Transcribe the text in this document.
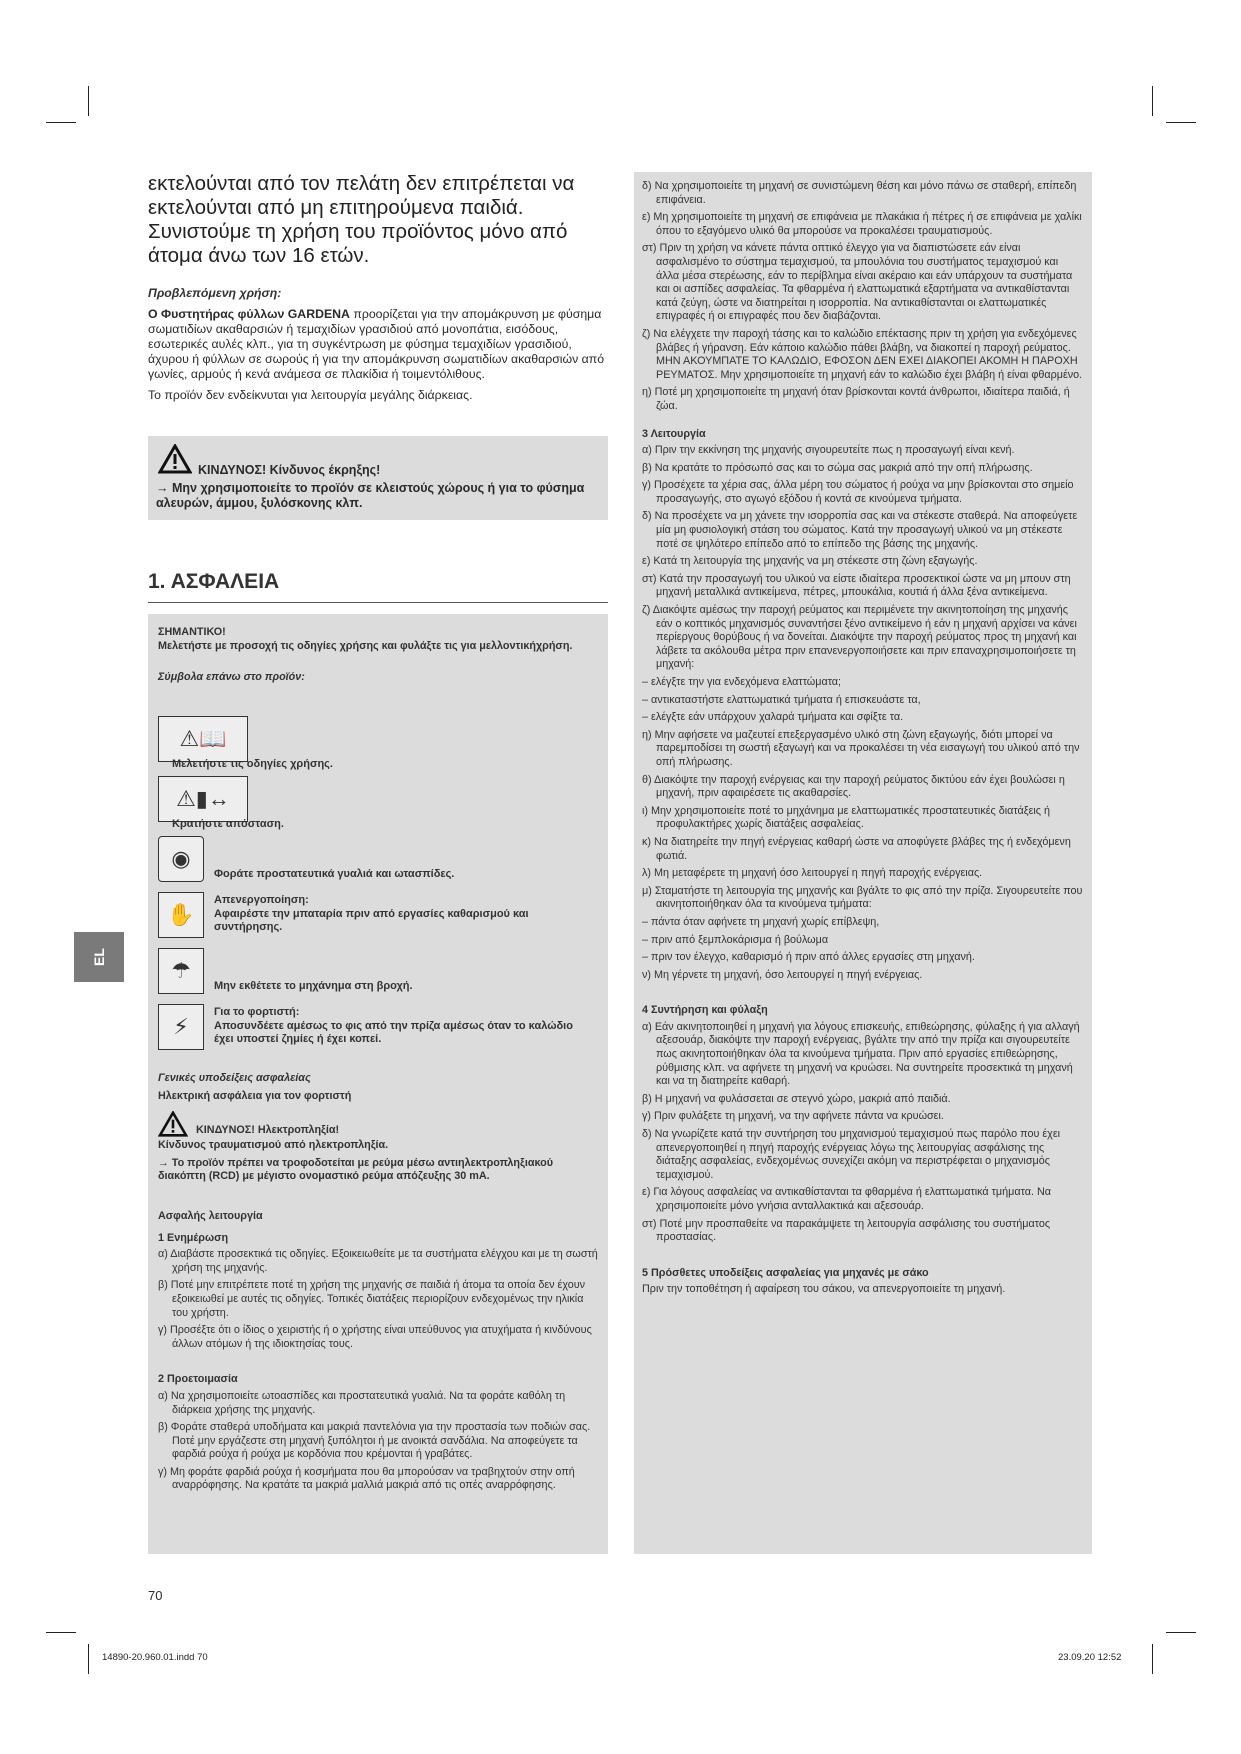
εκτελούνται από τον πελάτη δεν επιτρέπεται να εκτελούνται από μη επιτηρούμενα παιδιά. Συνιστούμε τη χρήση του προϊόντος μόνο από άτομα άνω των 16 ετών.

Προβλεπόμενη χρήση:

Ο Φυστητήρας φύλλων GARDENA προορίζεται για την απομάκρυνση με φύσημα σωματιδίων ακαθαρσιών ή τεμαχιδίων γρασιδιού από μονοπάτια, εισόδους, εσωτερικές αυλές κλπ., για τη συγκέντρωση με φύσημα τεμαχιδίων γρασιδιού, άχυρου ή φύλλων σε σωρούς ή για την απομάκρυνση σωματιδίων ακαθαρσιών από γωνίες, αρμούς ή κενά ανάμεσα σε πλακίδια ή τοιμεντόλιθους.

Το προϊόν δεν ενδείκνυται για λειτουργία μεγάλης διάρκειας.

ΚΙΝΔΥΝΟΣ! Κίνδυνος έκρηξης!
→ Μην χρησιμοποιείτε το προϊόν σε κλειστούς χώρους ή για το φύσημα αλευρών, άμμου, ξυλόσκονης κλπ.
1. ΑΣΦΑΛΕΙΑ
ΣΗΜΑΝΤΙΚΟ!
Μελετήστε με προσοχή τις οδηγίες χρήσης και φυλάξτε τις για μελλοντικήχρήση.
Σύμβολα επάνω στο προϊόν:
⚠📖
Μελετήστε τις οδηγίες χρήσης.
⚠▮↔
Κρατήστε απόσταση.
◉
Φοράτε προστατευτικά γυαλιά και ωτασπίδες.
✋
Απενεργοποίηση:
Αφαιρέστε την μπαταρία πριν από εργασίες καθαρισμού και συντήρησης.
☂
Μην εκθέτετε το μηχάνημα στη βροχή.
⚡
Για το φορτιστή:
Αποσυνδέετε αμέσως το φις από την πρίζα αμέσως όταν το καλώδιο έχει υποστεί ζημίες ή έχει κοπεί.
Γενικές υποδείξεις ασφαλείας
Ηλεκτρική ασφάλεια για τον φορτιστή
ΚΙΝΔΥΝΟΣ! Ηλεκτροπληξία!
Κίνδυνος τραυματισμού από ηλεκτροπληξία.
→ Το προϊόν πρέπει να τροφοδοτείται με ρεύμα μέσω αντιηλεκτροπληξιακού διακόπτη (RCD) με μέγιστο ονομαστικό ρεύμα απόζευξης 30 mA.
Ασφαλής λειτουργία
1 Ενημέρωση
α) Διαβάστε προσεκτικά τις οδηγίες. Εξοικειωθείτε με τα συστήματα ελέγχου και με τη σωστή χρήση της μηχανής.
β) Ποτέ μην επιτρέπετε ποτέ τη χρήση της μηχανής σε παιδιά ή άτομα τα οποία δεν έχουν εξοικειωθεί με αυτές τις οδηγίες. Τοπικές διατάξεις περιορίζουν ενδεχομένως την ηλικία του χρήστη.
γ) Προσέξτε ότι ο ίδιος ο χειριστής ή ο χρήστης είναι υπεύθυνος για ατυχήματα ή κινδύνους άλλων ατόμων ή της ιδιοκτησίας τους.
2 Προετοιμασία
α) Να χρησιμοποιείτε ωτοασπίδες και προστατευτικά γυαλιά. Να τα φοράτε καθόλη τη διάρκεια χρήσης της μηχανής.
β) Φοράτε σταθερά υποδήματα και μακριά παντελόνια για την προστασία των ποδιών σας. Ποτέ μην εργάζεστε στη μηχανή ξυπόλητοι ή με ανοικτά σανδάλια. Να αποφεύγετε τα φαρδιά ρούχα ή ρούχα με κορδόνια που κρέμονται ή γραβάτες.
γ) Μη φοράτε φαρδιά ρούχα ή κοσμήματα που θα μπορούσαν να τραβηχτούν στην οπή αναρρόφησης. Να κρατάτε τα μακριά μαλλιά μακριά από τις οπές αναρρόφησης.
δ) Να χρησιμοποιείτε τη μηχανή σε συνιστώμενη θέση και μόνο πάνω σε σταθερή, επίπεδη επιφάνεια.
ε) Μη χρησιμοποιείτε τη μηχανή σε επιφάνεια με πλακάκια ή πέτρες ή σε επιφάνεια με χαλίκι όπου το εξαγόμενο υλικό θα μπορούσε να προκαλέσει τραυματισμούς.
στ) Πριν τη χρήση να κάνετε πάντα οπτικό έλεγχο για να διαπιστώσετε εάν είναι ασφαλισμένο το σύστημα τεμαχισμού, τα μπουλόνια του συστήματος τεμαχισμού και άλλα μέσα στερέωσης, εάν το περίβλημα είναι ακέραιο και εάν υπάρχουν τα συστήματα και οι ασπίδες ασφαλείας. Τα φθαρμένα ή ελαττωματικά εξαρτήματα να αντικαθίστανται κατά ζεύγη, ώστε να διατηρείται η ισορροπία. Να αντικαθίστανται οι ελαττωματικές επιγραφές ή οι επιγραφές που δεν διαβάζονται.
ζ) Να ελέγχετε την παροχή τάσης και το καλώδιο επέκτασης πριν τη χρήση για ενδεχόμενες βλάβες ή γήρανση. Εάν κάποιο καλώδιο πάθει βλάβη, να διακοπεί η παροχή ρεύματος. ΜΗΝ ΑΚΟΥΜΠΑΤΕ ΤΟ ΚΑΛΩΔΙΟ, ΕΦΟΣΟΝ ΔΕΝ ΕΧΕΙ ΔΙΑΚΟΠΕΙ ΑΚΟΜΗ Η ΠΑΡΟΧΗ ΡΕΥΜΑΤΟΣ. Μην χρησιμοποιείτε τη μηχανή εάν το καλώδιο έχει βλάβη ή είναι φθαρμένο.
η) Ποτέ μη χρησιμοποιείτε τη μηχανή όταν βρίσκονται κοντά άνθρωποι, ιδιαίτερα παιδιά, ή ζώα.
3 Λειτουργία
α) Πριν την εκκίνηση της μηχανής σιγουρευτείτε πως η προσαγωγή είναι κενή.
β) Να κρατάτε το πρόσωπό σας και το σώμα σας μακριά από την οπή πλήρωσης.
γ) Προσέχετε τα χέρια σας, άλλα μέρη του σώματος ή ρούχα να μην βρίσκονται στο σημείο προσαγωγής, στο αγωγό εξόδου ή κοντά σε κινούμενα τμήματα.
δ) Να προσέχετε να μη χάνετε την ισορροπία σας και να στέκεστε σταθερά. Να αποφεύγετε μία μη φυσιολογική στάση του σώματος. Κατά την προσαγωγή υλικού να μη στέκεστε ποτέ σε ψηλότερο επίπεδο από το επίπεδο της βάσης της μηχανής.
ε) Κατά τη λειτουργία της μηχανής να μη στέκεστε στη ζώνη εξαγωγής.
στ) Κατά την προσαγωγή του υλικού να είστε ιδιαίτερα προσεκτικοί ώστε να μη μπουν στη μηχανή μεταλλικά αντικείμενα, πέτρες, μπουκάλια, κουτιά ή άλλα ξένα αντικείμενα.
ζ) Διακόψτε αμέσως την παροχή ρεύματος και περιμένετε την ακινητοποίηση της μηχανής εάν ο κοπτικός μηχανισμός συναντήσει ξένο αντικείμενο ή εάν η μηχανή αρχίσει να κάνει περίεργους θορύβους ή να δονείται. Διακόψτε την παροχή ρεύματος προς τη μηχανή και λάβετε τα ακόλουθα μέτρα πριν επανενεργοποιήσετε και πριν επαναχρησιμοποιήσετε τη μηχανή:
– ελέγξτε την για ενδεχόμενα ελαττώματα;
– αντικαταστήστε ελαττωματικά τμήματα ή επισκευάστε τα,
– ελέγξτε εάν υπάρχουν χαλαρά τμήματα και σφίξτε τα.
η) Μην αφήσετε να μαζευτεί επεξεργασμένο υλικό στη ζώνη εξαγωγής, διότι μπορεί να παρεμποδίσει τη σωστή εξαγωγή και να προκαλέσει τη νέα εισαγωγή του υλικού από την οπή πλήρωσης.
θ) Διακόψτε την παροχή ενέργειας και την παροχή ρεύματος δικτύου εάν έχει βουλώσει η μηχανή, πριν αφαιρέσετε τις ακαθαρσίες.
ι) Μην χρησιμοποιείτε ποτέ το μηχάνημα με ελαττωματικές προστατευτικές διατάξεις ή προφυλακτήρες χωρίς διατάξεις ασφαλείας.
κ) Να διατηρείτε την πηγή ενέργειας καθαρή ώστε να αποφύγετε βλάβες της ή ενδεχόμενη φωτιά.
λ) Μη μεταφέρετε τη μηχανή όσο λειτουργεί η πηγή παροχής ενέργειας.
μ) Σταματήστε τη λειτουργία της μηχανής και βγάλτε το φις από την πρίζα. Σιγουρευτείτε που ακινητοποιήθηκαν όλα τα κινούμενα τμήματα:
– πάντα όταν αφήνετε τη μηχανή χωρίς επίβλεψη,
– πριν από ξεμπλοκάρισμα ή βούλωμα
– πριν τον έλεγχο, καθαρισμό ή πριν από άλλες εργασίες στη μηχανή.
ν) Μη γέρνετε τη μηχανή, όσο λειτουργεί η πηγή ενέργειας.
4 Συντήρηση και φύλαξη
α) Εάν ακινητοποιηθεί η μηχανή για λόγους επισκευής, επιθεώρησης, φύλαξης ή για αλλαγή αξεσουάρ, διακόψτε την παροχή ενέργειας, βγάλτε την από την πρίζα και σιγουρευτείτε πως ακινητοποιήθηκαν όλα τα κινούμενα τμήματα. Πριν από εργασίες επιθεώρησης, ρύθμισης κλπ. να αφήνετε τη μηχανή να κρυώσει. Να συντηρείτε προσεκτικά τη μηχανή και να τη διατηρείτε καθαρή.
β) Η μηχανή να φυλάσσεται σε στεγνό χώρο, μακριά από παιδιά.
γ) Πριν φυλάξετε τη μηχανή, να την αφήνετε πάντα να κρυώσει.
δ) Να γνωρίζετε κατά την συντήρηση του μηχανισμού τεμαχισμού πως παρόλο που έχει απενεργοποιηθεί η πηγή παροχής ενέργειας λόγω της λειτουργίας ασφάλισης της διάταξης ασφαλείας, ενδεχομένως συνεχίζει ακόμη να περιστρέφεται ο μηχανισμός τεμαχισμού.
ε) Για λόγους ασφαλείας να αντικαθίστανται τα φθαρμένα ή ελαττωματικά τμήματα. Να χρησιμοποιείτε μόνο γνήσια ανταλλακτικά και αξεσουάρ.
στ) Ποτέ μην προσπαθείτε να παρακάμψετε τη λειτουργία ασφάλισης του συστήματος προστασίας.
5 Πρόσθετες υποδείξεις ασφαλείας για μηχανές με σάκο
Πριν την τοποθέτηση ή αφαίρεση του σάκου, να απενεργοποιείτε τη μηχανή.
EL
70
14890-20.960.01.indd 70	23.09.20 12:52
